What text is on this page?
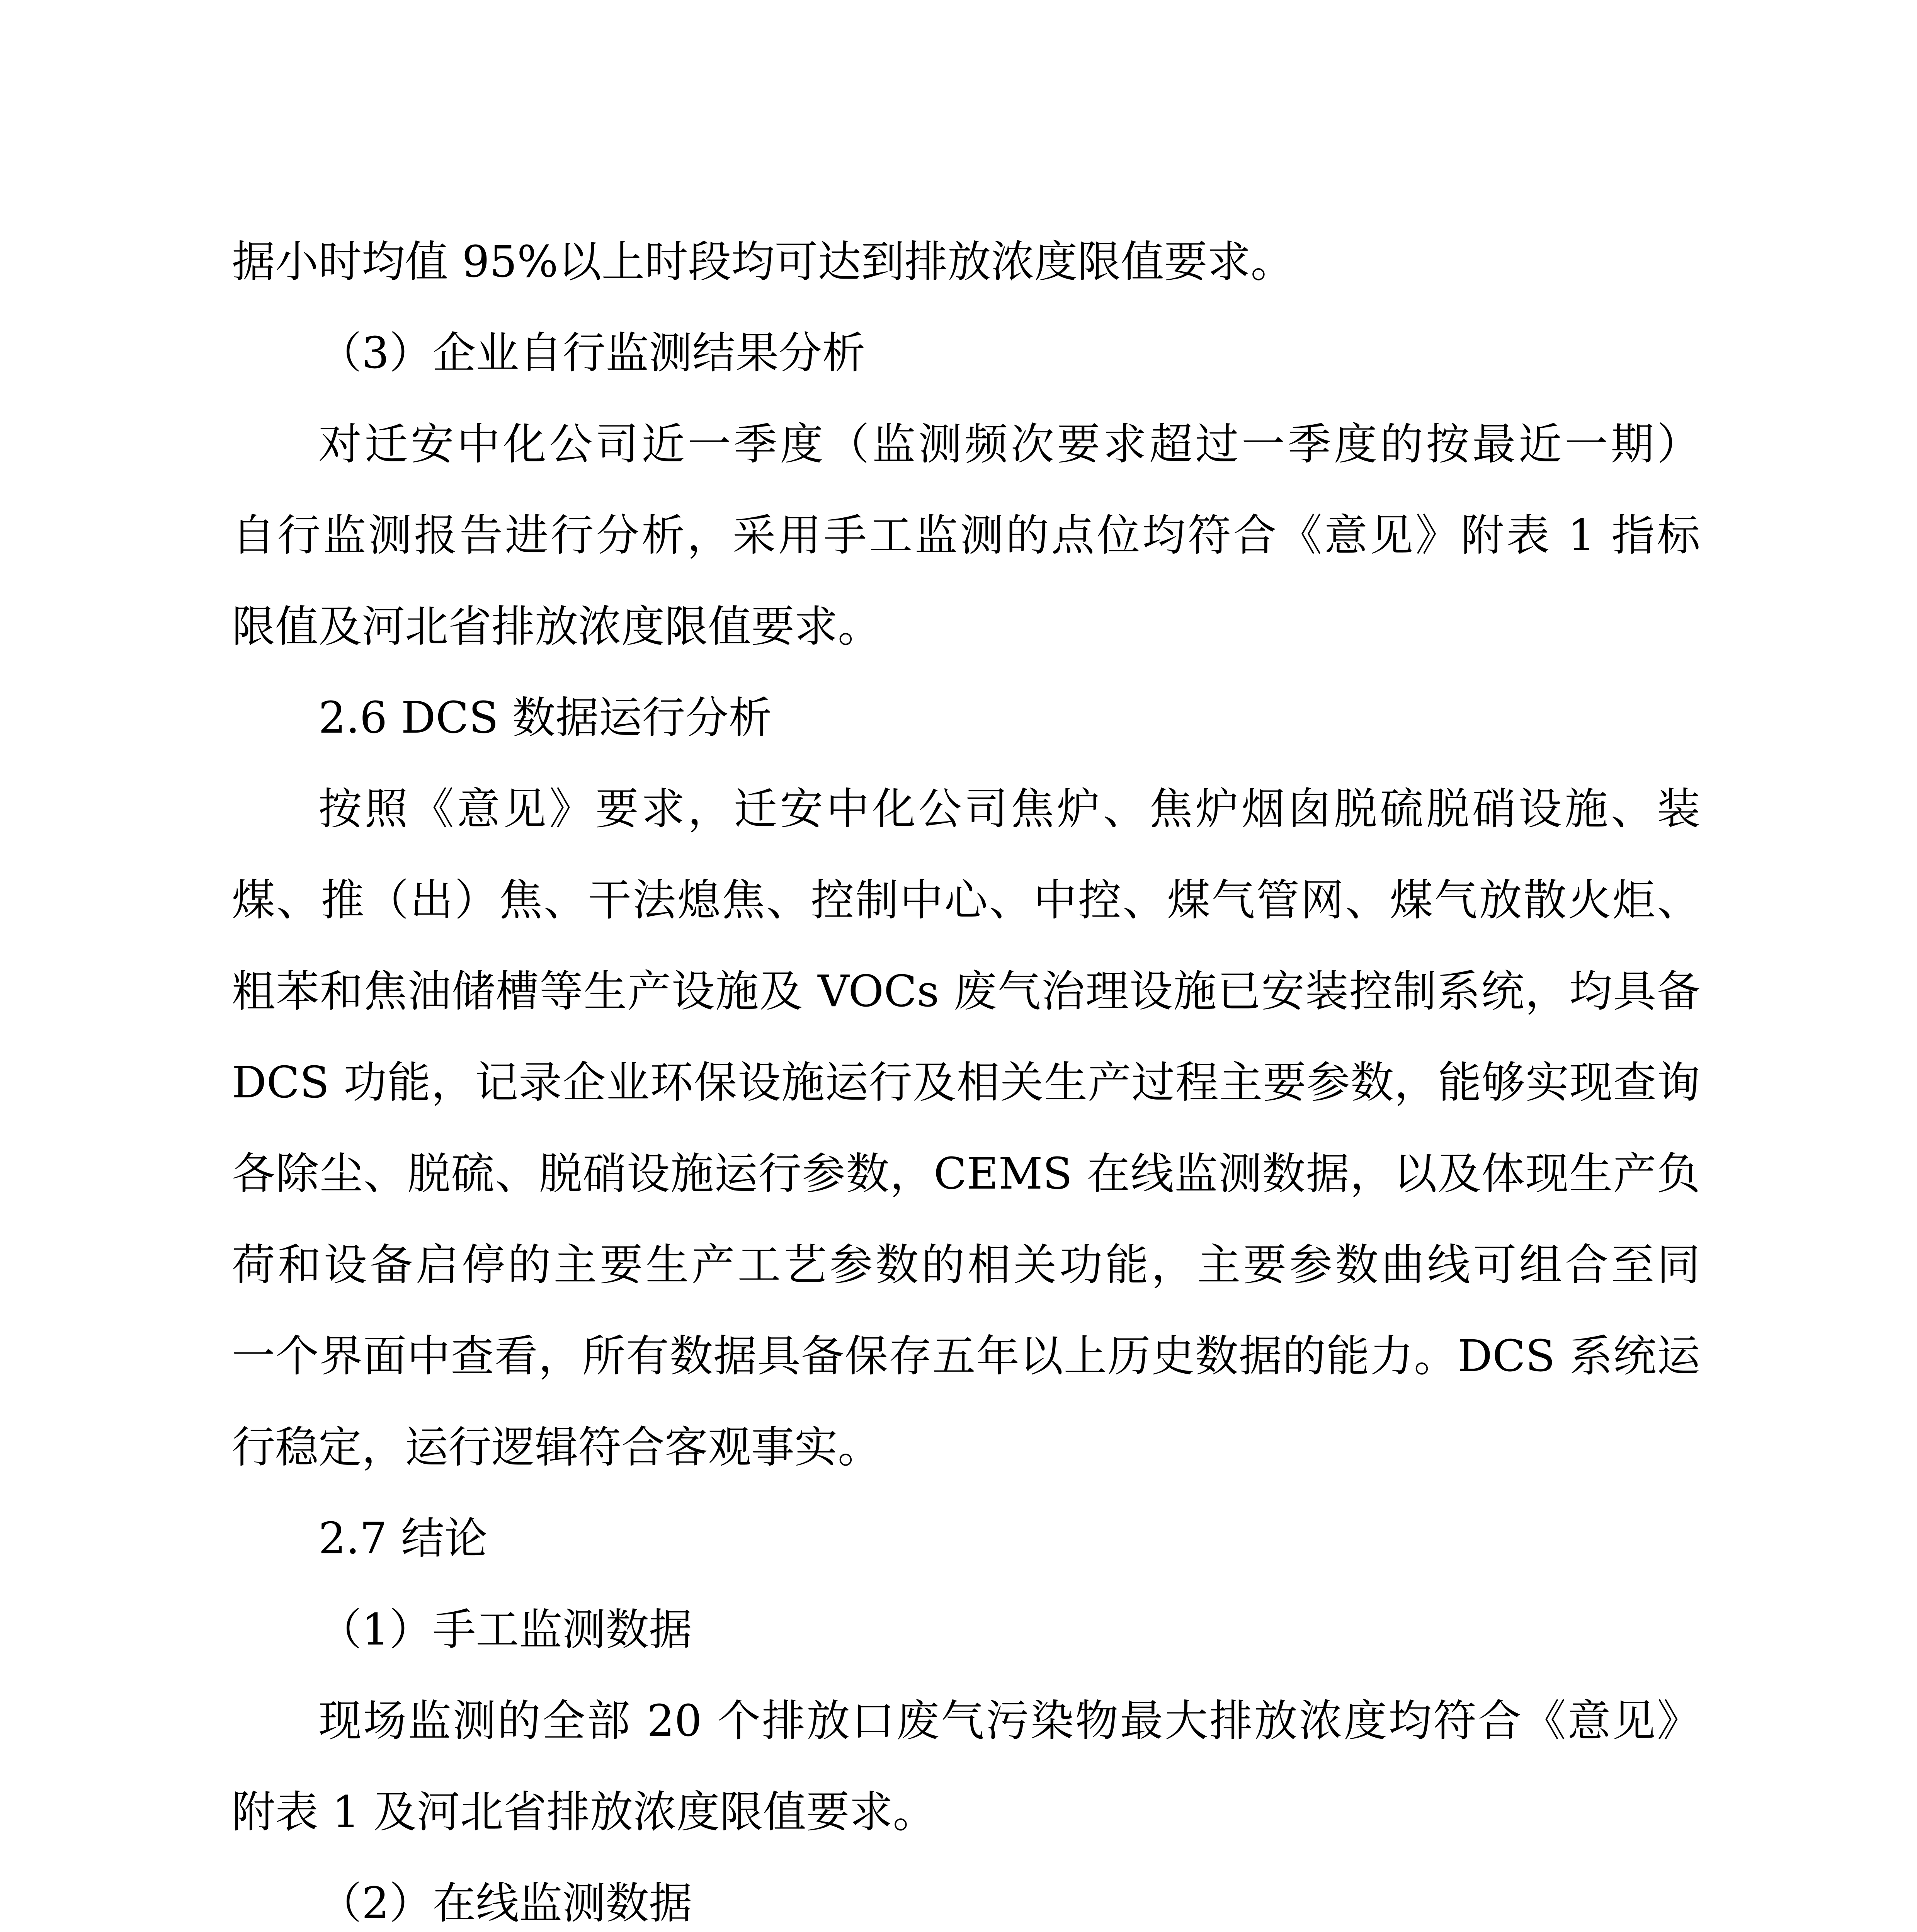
据小时均值 95%以上时段均可达到排放浓度限值要求。
（3）企业自行监测结果分析
对迁安中化公司近一季度（监测频次要求超过一季度的按最近一期）
自行监测报告进行分析，采用手工监测的点位均符合《意见》附表 1 指标
限值及河北省排放浓度限值要求。
2.6 DCS 数据运行分析
按照《意见》要求，迁安中化公司焦炉、焦炉烟囱脱硫脱硝设施、装
煤、推（出）焦、干法熄焦、控制中心、中控、煤气管网、煤气放散火炬、
粗苯和焦油储槽等生产设施及 VOCs 废气治理设施已安装控制系统，均具备
DCS 功能，记录企业环保设施运行及相关生产过程主要参数，能够实现查询
各除尘、脱硫、脱硝设施运行参数，CEMS 在线监测数据，以及体现生产负
荷和设备启停的主要生产工艺参数的相关功能，主要参数曲线可组合至同
一个界面中查看，所有数据具备保存五年以上历史数据的能力。DCS 系统运
行稳定，运行逻辑符合客观事实。
2.7 结论
（1）手工监测数据
现场监测的全部 20 个排放口废气污染物最大排放浓度均符合《意见》
附表 1 及河北省排放浓度限值要求。
（2）在线监测数据
